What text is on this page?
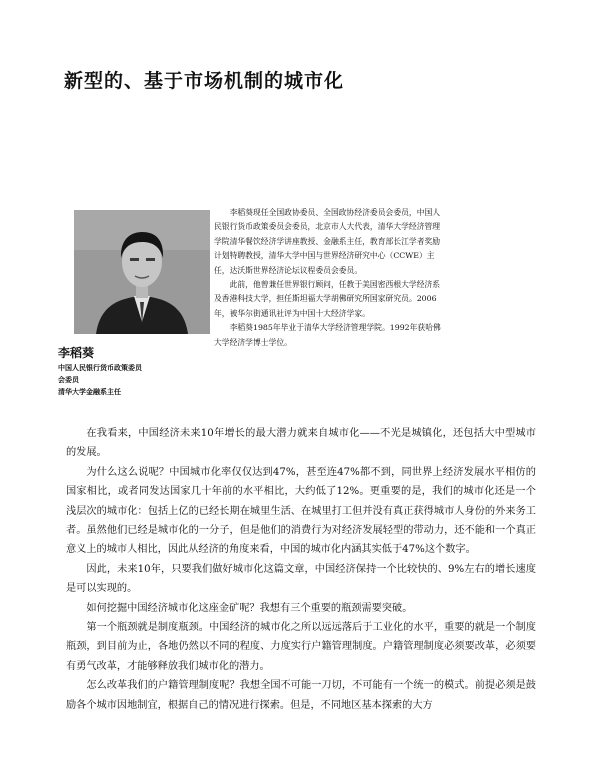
新型的、基于市场机制的城市化

李稻葵现任全国政协委员、全国政协经济委员会委员，中国人民银行货币政策委员会委员，北京市人大代表，清华大学经济管理学院清华餐饮经济学讲座教授、金融系主任，教育部长江学者奖励计划特聘教授，清华大学中国与世界经济研究中心（CCWE）主任，达沃斯世界经济论坛议程委员会委员。

此前，他曾兼任世界银行顾问，任教于美国密西根大学经济系及香港科技大学，担任斯坦福大学胡佛研究所国家研究员。2006年，被华尔街通讯社评为中国十大经济学家。

李稻葵1985年毕业于清华大学经济管理学院。1992年获哈佛大学经济学博士学位。

李稻葵
中国人民银行货币政策委员
会委员
清华大学金融系主任

在我看来，中国经济未来10年增长的最大潜力就来自城市化——不光是城镇化，还包括大中型城市的发展。

为什么这么说呢？中国城市化率仅仅达到47%，甚至连47%都不到，同世界上经济发展水平相仿的国家相比，或者同发达国家几十年前的水平相比，大约低了12%。更重要的是，我们的城市化还是一个浅层次的城市化：包括上亿的已经长期在城里生活、在城里打工但并没有真正获得城市人身份的外来务工者。虽然他们已经是城市化的一分子，但是他们的消费行为对经济发展轻型的带动力，还不能和一个真正意义上的城市人相比，因此从经济的角度来看，中国的城市化内涵其实低于47%这个数字。

因此，未来10年，只要我们做好城市化这篇文章，中国经济保持一个比较快的、9%左右的增长速度是可以实现的。

如何挖掘中国经济城市化这座金矿呢？我想有三个重要的瓶颈需要突破。

第一个瓶颈就是制度瓶颈。中国经济的城市化之所以远远落后于工业化的水平，重要的就是一个制度瓶颈，到目前为止，各地仍然以不同的程度、力度实行户籍管理制度。户籍管理制度必须要改革，必须要有勇气改革，才能够释放我们城市化的潜力。

怎么改革我们的户籍管理制度呢？我想全国不可能一刀切，不可能有一个统一的模式。前提必须是鼓励各个城市因地制宜，根据自己的情况进行探索。但是，不同地区基本探索的大方
